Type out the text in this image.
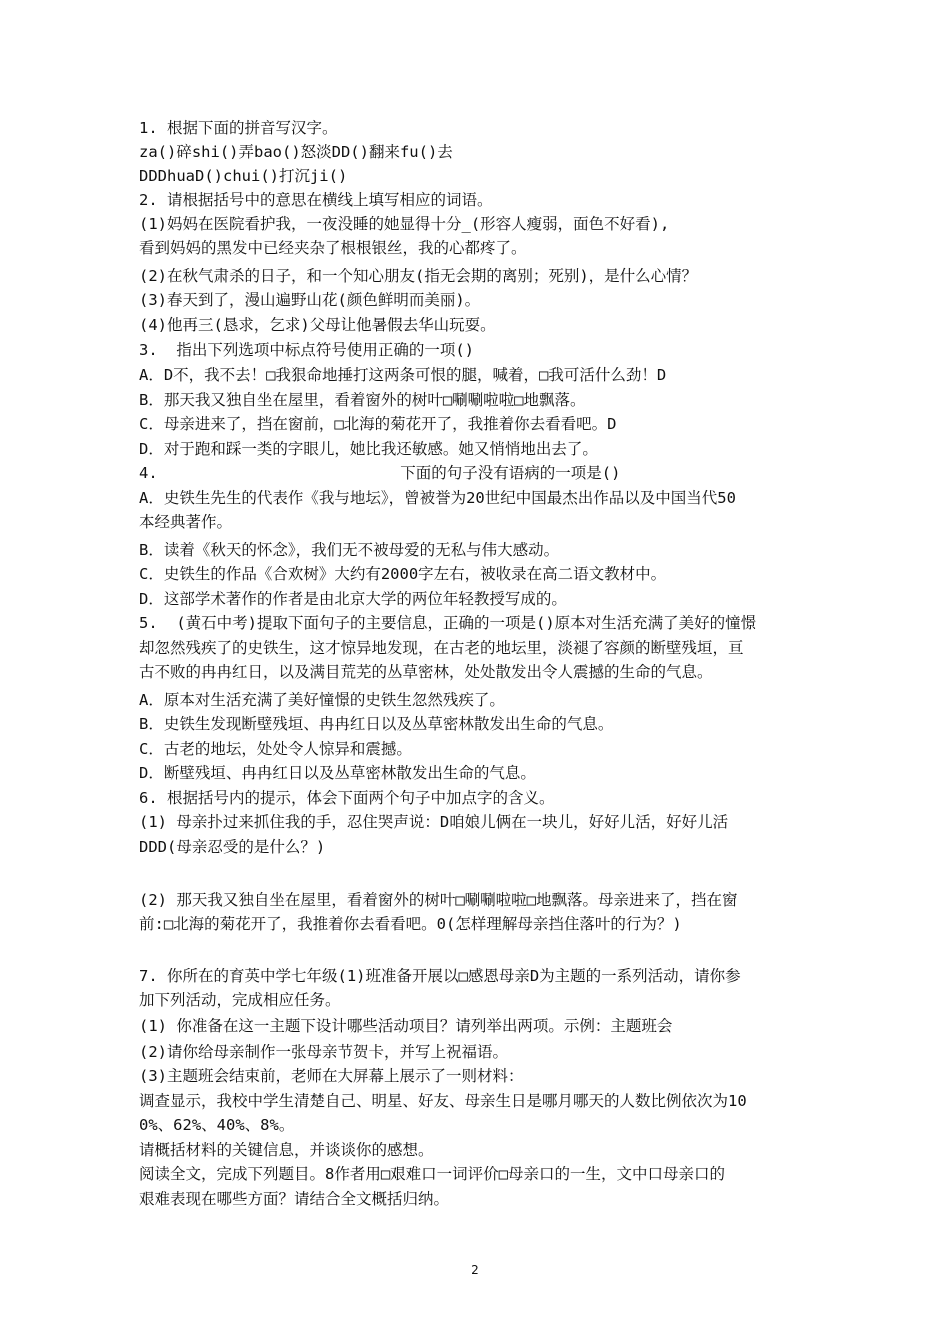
1. 根据下面的拼音写汉字。
za()碎shi()弄bao()怒淡DD()翻来fu()去
DDDhuaD()chui()打沉ji()
2. 请根据括号中的意思在横线上填写相应的词语。
(1)妈妈在医院看护我，一夜没睡的她显得十分_(形容人瘦弱，面色不好看),
看到妈妈的黑发中已经夹杂了根根银丝，我的心都疼了。
(2)在秋气肃杀的日子，和一个知心朋友(指无会期的离别；死别)，是什么心情？
(3)春天到了，漫山遍野山花(颜色鲜明而美丽)。
(4)他再三(恳求，乞求)父母让他暑假去华山玩耍。
3.  指出下列选项中标点符号使用正确的一项()
A．D不，我不去！□我狠命地捶打这两条可恨的腿，喊着，□我可活什么劲！D
B．那天我又独自坐在屋里，看着窗外的树叶□唰唰啦啦□地飘落。
C．母亲进来了，挡在窗前，□北海的菊花开了，我推着你去看看吧。D
D．对于跑和踩一类的字眼儿，她比我还敏感。她又悄悄地出去了。
4.                          下面的句子没有语病的一项是()
A．史铁生先生的代表作《我与地坛》，曾被誉为20世纪中国最杰出作品以及中国当代50
本经典著作。
B．读着《秋天的怀念》，我们无不被母爱的无私与伟大感动。
C．史铁生的作品《合欢树》大约有2000字左右，被收录在高二语文教材中。
D．这部学术著作的作者是由北京大学的两位年轻教授写成的。
5.  (黄石中考)提取下面句子的主要信息，正确的一项是()原本对生活充满了美好的憧憬
却忽然残疾了的史铁生，这才惊异地发现，在古老的地坛里，淡褪了容颜的断壁残垣，亘
古不败的冉冉红日，以及满目荒芜的丛草密林，处处散发出令人震撼的生命的气息。
A．原本对生活充满了美好憧憬的史铁生忽然残疾了。
B．史铁生发现断壁残垣、冉冉红日以及丛草密林散发出生命的气息。
C．古老的地坛，处处令人惊异和震撼。
D．断壁残垣、冉冉红日以及丛草密林散发出生命的气息。
6. 根据括号内的提示，体会下面两个句子中加点字的含义。
(1) 母亲扑过来抓住我的手，忍住哭声说：D咱娘儿俩在一块儿，好好儿活，好好儿活
DDD(母亲忍受的是什么？)
(2) 那天我又独自坐在屋里，看着窗外的树叶□唰唰啦啦□地飘落。母亲进来了，挡在窗
前:□北海的菊花开了，我推着你去看看吧。0(怎样理解母亲挡住落叶的行为？)
7. 你所在的育英中学七年级(1)班准备开展以□感恩母亲D为主题的一系列活动，请你参
加下列活动，完成相应任务。
(1) 你准备在这一主题下设计哪些活动项目？请列举出两项。示例：主题班会
(2)请你给母亲制作一张母亲节贺卡，并写上祝福语。
(3)主题班会结束前，老师在大屏幕上展示了一则材料：
调查显示，我校中学生清楚自己、明星、好友、母亲生日是哪月哪天的人数比例依次为10
0%、62%、40%、8%。
请概括材料的关键信息，并谈谈你的感想。
阅读全文，完成下列题目。8作者用□艰难口一词评价□母亲口的一生，文中口母亲口的
艰难表现在哪些方面？请结合全文概括归纳。
2
